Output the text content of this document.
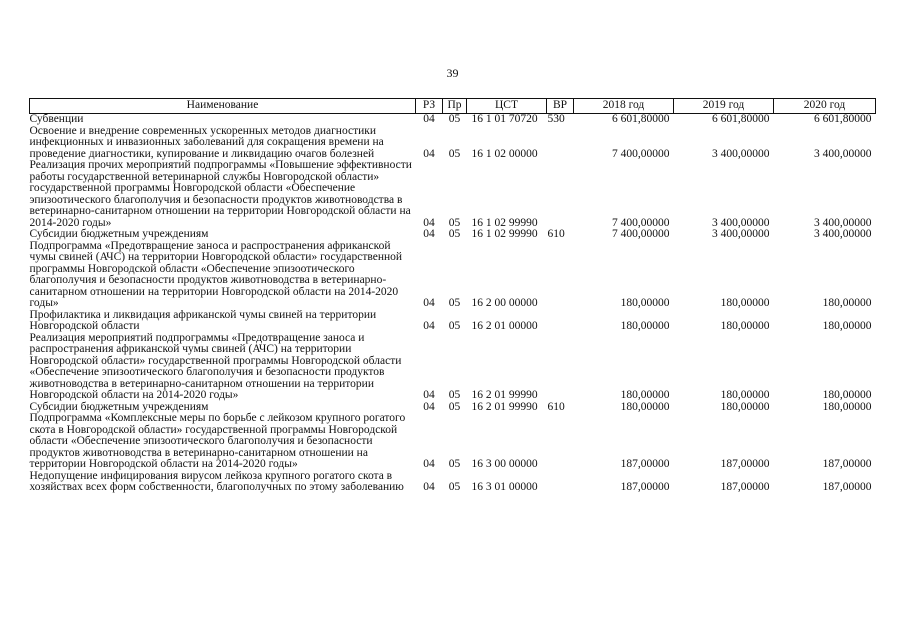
39
Наименование	РЗ	Пр	ЦСТ	ВР	2018 год	2019 год	2020 год
Субвенции	04	05	16 1 01 70720	530	6 601,80000	6 601,80000	6 601,80000
Освоение и внедрение современных ускоренных методов диагностики инфекционных и инвазионных заболеваний для сокращения времени на проведение диагностики, купирование и ликвидацию очагов болезней	04	05	16 1 02 00000		7 400,00000	3 400,00000	3 400,00000
Реализация прочих мероприятий подпрограммы «Повышение эффективности работы государственной ветеринарной службы Новгородской области» государственной программы Новгородской области «Обеспечение эпизоотического благополучия и безопасности продуктов животноводства в ветеринарно-санитарном отношении на территории Новгородской области на 2014-2020 годы»	04	05	16 1 02 99990		7 400,00000	3 400,00000	3 400,00000
Субсидии бюджетным учреждениям	04	05	16 1 02 99990	610	7 400,00000	3 400,00000	3 400,00000
Подпрограмма «Предотвращение заноса и распространения африканской чумы свиней (АЧС) на территории Новгородской области» государственной программы Новгородской области «Обеспечение эпизоотического благополучия и безопасности продуктов животноводства в ветеринарно-санитарном отношении на территории Новгородской области на 2014-2020 годы»	04	05	16 2 00 00000		180,00000	180,00000	180,00000
Профилактика и ликвидация африканской чумы свиней на территории Новгородской области	04	05	16 2 01 00000		180,00000	180,00000	180,00000
Реализация мероприятий подпрограммы «Предотвращение заноса и распространения африканской чумы свиней (АЧС) на территории Новгородской области» государственной программы Новгородской области «Обеспечение эпизоотического благополучия и безопасности продуктов животноводства в ветеринарно-санитарном отношении на территории Новгородской области на 2014-2020 годы»	04	05	16 2 01 99990		180,00000	180,00000	180,00000
Субсидии бюджетным учреждениям	04	05	16 2 01 99990	610	180,00000	180,00000	180,00000
Подпрограмма «Комплексные меры по борьбе с лейкозом крупного рогатого скота в Новгородской области» государственной программы Новгородской области «Обеспечение эпизоотического благополучия и безопасности продуктов животноводства в ветеринарно-санитарном отношении на территории Новгородской области на 2014-2020 годы»	04	05	16 3 00 00000		187,00000	187,00000	187,00000
Недопущение инфицирования вирусом лейкоза крупного рогатого скота в хозяйствах всех форм собственности, благополучных по этому заболеванию	04	05	16 3 01 00000		187,00000	187,00000	187,00000
